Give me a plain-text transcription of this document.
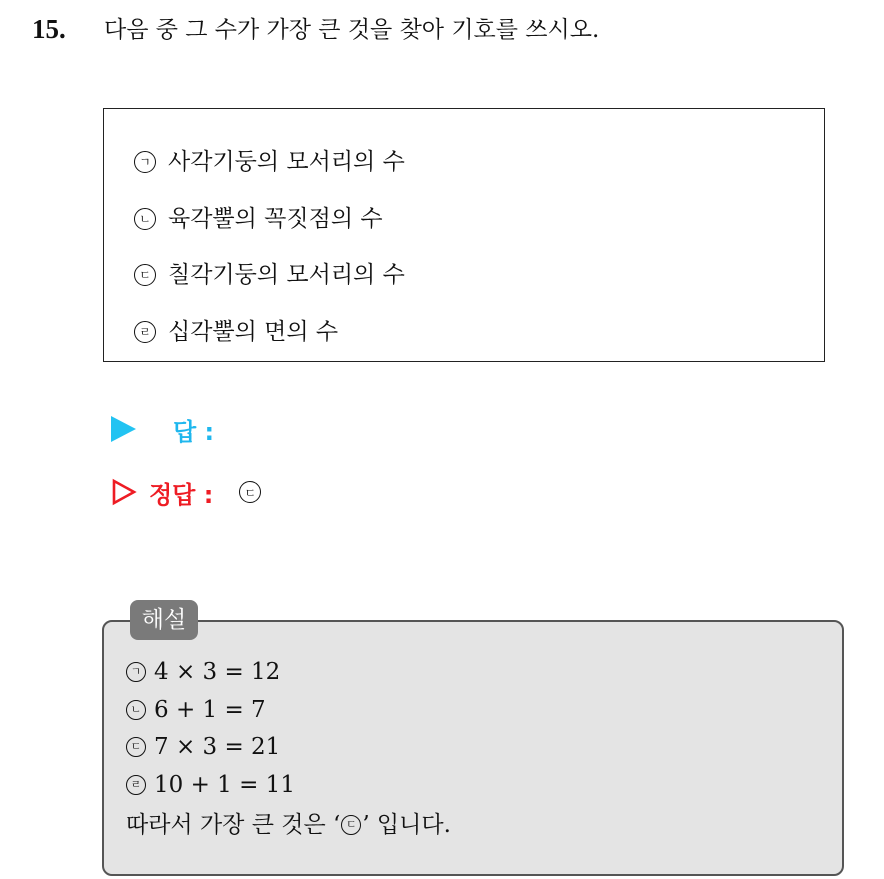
15. 다음 중 그 수가 가장 큰 것을 찾아 기호를 쓰시오.
ㄱ 사각기둥의 모서리의 수
ㄴ 육각뿔의 꼭짓점의 수
ㄷ 칠각기둥의 모서리의 수
ㄹ 십각뿔의 면의 수
답 :
정답 :	ㄷ
해설
ㄱ 4 × 3 = 12
ㄴ 6 + 1 = 7
ㄷ 7 × 3 = 21
ㄹ 10 + 1 = 11
따라서 가장 큰 것은 ‘ ㄷ ’ 입니다.
